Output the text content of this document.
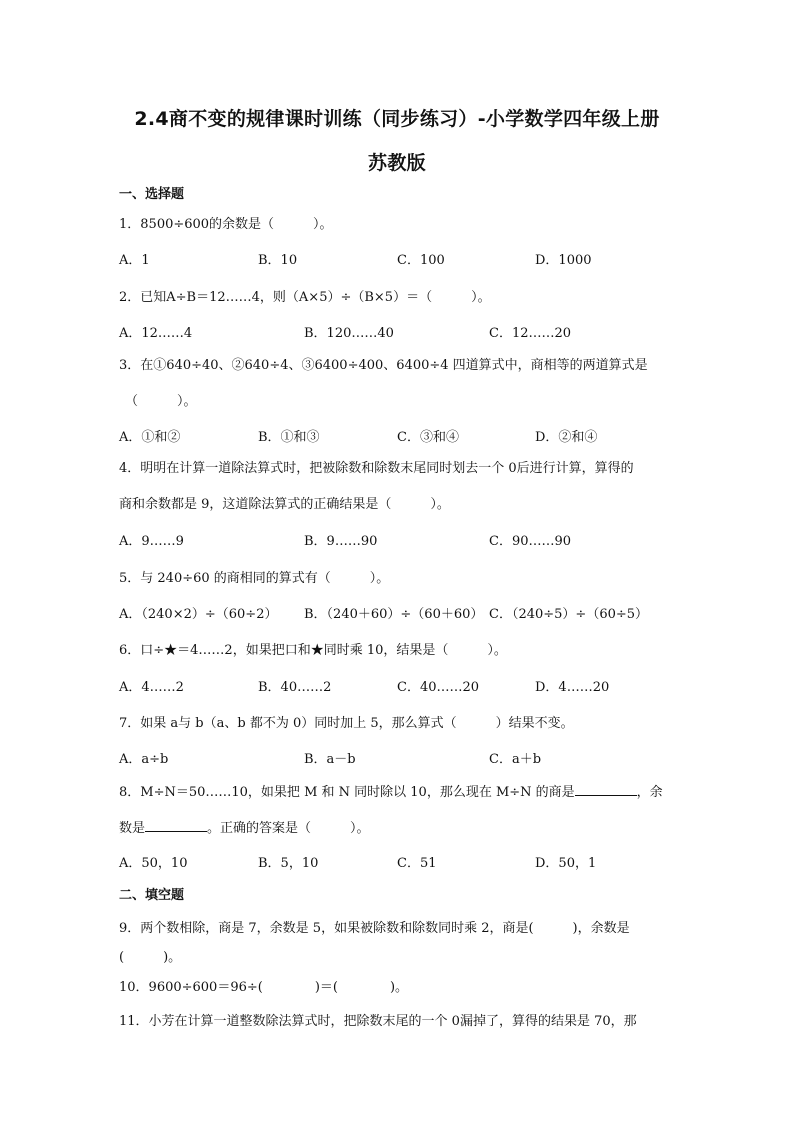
2.4商不变的规律课时训练（同步练习）-小学数学四年级上册
苏教版
一、选择题
1．8500÷600的余数是（　　　）。
A．1	B．10	C．100	D．1000
2．已知A÷B＝12……4，则（A×5）÷（B×5）＝（　　　）。
A．12……4	B．120……40	C．12……20
3．在①640÷40、②640÷4、③6400÷400、6400÷4 四道算式中，商相等的两道算式是
（　　　）。
A．①和②	B．①和③	C．③和④	D．②和④
4．明明在计算一道除法算式时，把被除数和除数末尾同时划去一个 0后进行计算，算得的
商和余数都是 9，这道除法算式的正确结果是（　　　）。
A．9……9	B．9……90	C．90……90
5．与 240÷60 的商相同的算式有（　　　）。
A．（240×2）÷（60÷2） B．（240＋60）÷（60＋60） C．（240÷5）÷（60÷5）
6．口÷★＝4……2，如果把口和★同时乘 10，结果是（　　　）。
A．4……2	B．40……2	C．40……20	D．4……20
7．如果 a与 b（a、b 都不为 0）同时加上 5，那么算式（　　　）结果不变。
A．a÷b	B．a－b	C．a＋b
8．M÷N＝50……10，如果把 M 和 N 同时除以 10，那么现在 M÷N 的商是	，余
数是	。正确的答案是（　　　）。
A．50，10	B．5，10	C．51	D．50，1
二、填空题
9．两个数相除，商是 7，余数是 5，如果被除数和除数同时乘 2，商是(　　　)，余数是
(　　　)。
10．9600÷600＝96÷(　　　　)＝(　　　　)。
11．小芳在计算一道整数除法算式时，把除数末尾的一个 0漏掉了，算得的结果是 70，那
